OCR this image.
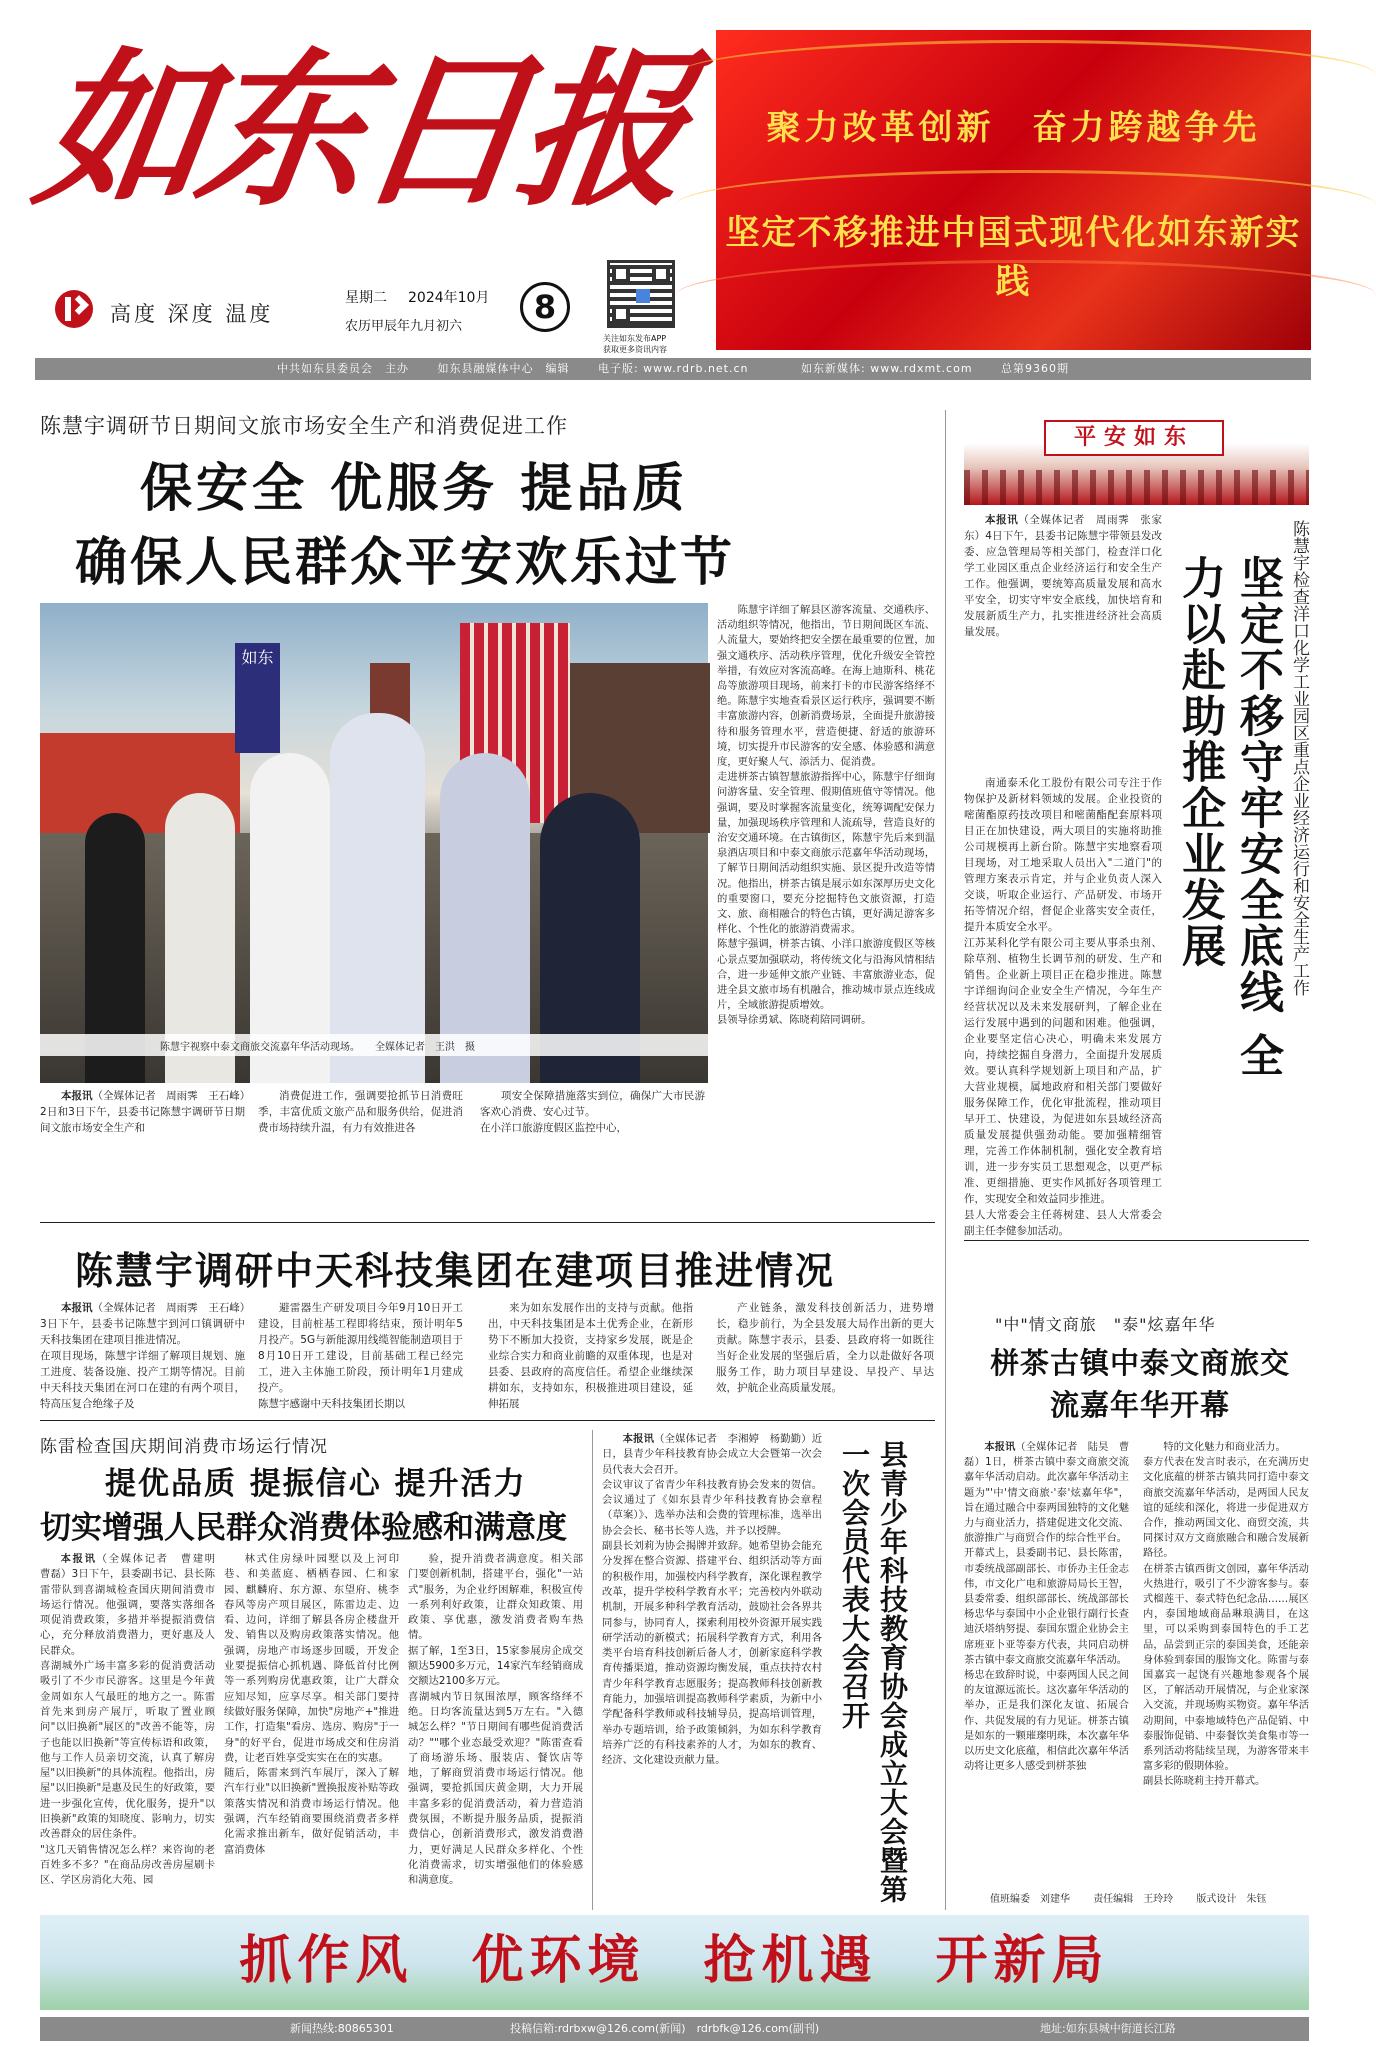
如东日报
高度 深度 温度
星期二 2024年10月
农历甲辰年九月初六
8
关注如东发布APP
获取更多资讯内容
聚力改革创新　奋力跨越争先
坚定不移推进中国式现代化如东新实践
中共如东县委员会　主办　　	如东县融媒体中心　编辑　　	电子版: www.rdrb.net.cn　　　　	如东新媒体: www.rdxmt.com　　	总第9360期
陈慧宇调研节日期间文旅市场安全生产和消费促进工作
保安全 优服务 提品质
确保人民群众平安欢乐过节
如东
陈慧宇视察中泰文商旅交流嘉年华活动现场。　　全媒体记者　王洪　摄

陈慧宇详细了解县区游客流量、交通秩序、活动组织等情况，他指出，节日期间既区车流、人流量大，要始终把安全摆在最重要的位置，加强文通秩序、活动秩序管理，优化升级安全管控举措，有效应对客流高峰。在海上迪斯科、桃花岛等旅游项目现场，前来打卡的市民游客络绎不绝。陈慧宇实地查看景区运行秩序，强调要不断丰富旅游内容，创新消费场景，全面提升旅游接待和服务管理水平，营造便捷、舒适的旅游环境，切实提升市民游客的安全感、体验感和满意度，更好聚人气、添活力、促消费。
走进栟茶古镇智慧旅游指挥中心，陈慧宇仔细询问游客量、安全管理、假期值班值守等情况。他强调，要及时掌握客流量变化，统筹调配安保力量，加强现场秩序管理和人流疏导，营造良好的治安交通环境。在古镇街区，陈慧宇先后来到温泉酒店项目和中泰文商旅示范嘉年华活动现场，了解节日期间活动组织实施、景区提升改造等情况。他指出，栟茶古镇是展示如东深厚历史文化的重要窗口，要充分挖掘特色文旅资源，打造文、旅、商相融合的特色古镇，更好满足游客多样化、个性化的旅游消费需求。
陈慧宇强调，栟茶古镇、小洋口旅游度假区等核心景点要加强联动，将传统文化与沿海风情相结合，进一步延伸文旅产业链、丰富旅游业态，促进全县文旅市场有机融合，推动城市景点连线成片，全域旅游提质增效。
县领导徐勇斌、陈晓莉陪同调研。

本报讯（全媒体记者　周雨霁　王石峰）2日和3日下午，县委书记陈慧宇调研节日期间文旅市场安全生产和

消费促进工作，强调要抢抓节日消费旺季，丰富优质文旅产品和服务供给，促进消费市场持续升温，有力有效推进各

项安全保障措施落实到位，确保广大市民游客欢心消费、安心过节。
在小洋口旅游度假区监控中心，

平安如东
陈慧宇检查洋口化学工业园区重点企业经济运行和安全生产工作
坚定不移守牢安全底线 全力以赴助推企业发展

本报讯（全媒体记者　周雨霁　张家东）4日下午，县委书记陈慧宇带领县发改委、应急管理局等相关部门，检查洋口化学工业园区重点企业经济运行和安全生产工作。他强调，要统筹高质量发展和高水平安全，切实守牢安全底线，加快培育和发展新质生产力，扎实推进经济社会高质量发展。

南通泰禾化工股份有限公司专注于作物保护及新材料领域的发展。企业投资的嘧菌酯原药技改项目和嘧菌酯配套原料项目正在加快建设，两大项目的实施将助推公司规模再上新台阶。陈慧宇实地察看项目现场，对工地采取人员出入"二道门"的管理方案表示肯定，并与企业负责人深入交谈，听取企业运行、产品研发、市场开拓等情况介绍，督促企业落实安全责任，提升本质安全水平。
江苏某科化学有限公司主要从事杀虫剂、除草剂、植物生长调节剂的研发、生产和销售。企业新上项目正在稳步推进。陈慧宇详细询问企业安全生产情况，今年生产经营状况以及未来发展研判，了解企业在运行发展中遇到的问题和困难。他强调，企业要坚定信心决心，明确未来发展方向，持续挖掘自身潜力，全面提升发展质效。要认真科学规划新上项目和产品，扩大营业规模，属地政府和相关部门要做好服务保障工作，优化审批流程，推动项目早开工、快建设，为促进如东县域经济高质量发展提供强劲动能。要加强精细管理，完善工作体制机制，强化安全教育培训，进一步夯实员工思想观念，以更严标准、更细措施、更实作风抓好各项管理工作，实现安全和效益同步推进。
县人大常委会主任蒋树建、县人大常委会副主任李健参加活动。

陈慧宇调研中天科技集团在建项目推进情况

本报讯（全媒体记者　周雨霁　王石峰）3日下午，县委书记陈慧宇到河口镇调研中天科技集团在建项目推进情况。
在项目现场，陈慧宇详细了解项目规划、施工进度、装备设施、投产工期等情况。目前中天科技天集团在河口在建的有两个项目，特高压复合绝缘子及

避雷器生产研发项目今年9月10日开工建设，目前桩基工程即将结束，预计明年5月投产。5G与新能源用线缆智能制造项目于8月10日开工建设，目前基础工程已经完工，进入主体施工阶段，预计明年1月建成投产。
陈慧宇感谢中天科技集团长期以

来为如东发展作出的支持与贡献。他指出，中天科技集团是本土优秀企业，在新形势下不断加大投资，支持家乡发展，既是企业综合实力和商业前瞻的双重体现，也是对县委、县政府的高度信任。希望企业继续深耕如东，支持如东，积极推进项目建设，延伸拓展

产业链条，激发科技创新活力，进势增长，稳步前行，为全县发展大局作出新的更大贡献。陈慧宇表示，县委、县政府将一如既往当好企业发展的坚强后盾，全力以赴做好各项服务工作，助力项目早建设、早投产、早达效，护航企业高质量发展。

陈雷检查国庆期间消费市场运行情况
提优品质 提振信心 提升活力
切实增强人民群众消费体验感和满意度

本报讯（全媒体记者　曹建明　曹磊）3日下午，县委副书记、县长陈雷带队到喜湖城检查国庆期间消费市场运行情况。他强调，要落实落细各项促消费政策，多措并举提振消费信心，充分释放消费潜力，更好惠及人民群众。
喜湖城外广场丰富多彩的促消费活动吸引了不少市民游客。这里是今年黄金周如东人气最旺的地方之一。陈雷首先来到房产展厅，听取了置业顾问"以旧换新"展区的"改善不能等，房子也能以旧换新"等宣传标语和政策，他与工作人员亲切交流，认真了解房屋"以旧换新"的具体流程。他指出，房屋"以旧换新"是惠及民生的好政策，要进一步强化宣传，优化服务，提升"以旧换新"政策的知晓度、影响力，切实改善群众的居住条件。
"这几天销售情况怎么样？来咨询的老百姓多不多？"在商品房改善房屋刷卡区、学区房消化大苑、园

林式住房绿叶园墅以及上河印巷、和美蓝庭、栖栖春园、仁和家园、麒麟府、东方源、东望府、桃李春风等房产项目展区，陈雷边走、边看、边问，详细了解县各房企楼盘开发、销售以及购房政策落实情况。他强调，房地产市场逐步回暖，开发企业要提振信心抓机遇、降低首付比例等一系列购房优惠政策，让广大群众应知尽知，应享尽享。相关部门要持续做好服务保障，加快"房地产+"推进工作，打造集"看房、选房、购房"于一身"的好平台，促进市场成交和住房消费，让老百姓享受实实在在的实惠。
随后，陈雷来到汽车展厅，深入了解汽车行业"以旧换新"置换报废补贴等政策落实情况和消费市场运行情况。他强调，汽车经销商要围绕消费者多样化需求推出新车，做好促销活动，丰富消费体

验，提升消费者满意度。相关部门要创新机制，搭建平台，强化"一站式"服务，为企业纾困解难，积极宣传一系列利好政策，让群众知政策、用政策、享优惠，激发消费者购车热情。
据了解，1至3日，15家参展房企成交额达5900多万元，14家汽车经销商成交额达2100多万元。
喜湖城内节日氛围浓厚，顾客络绎不绝。日均客流量达到5万左右。"入德城怎么样？"节日期间有哪些促消费活动？""哪个业态最受欢迎？"陈雷查看了商场游乐场、服装店、餐饮店等地，了解商贸消费市场运行情况。他强调，要抢抓国庆黄金期，大力开展丰富多彩的促消费活动，着力营造消费氛围，不断提升服务品质，提振消费信心，创新消费形式，激发消费潜力，更好满足人民群众多样化、个性化消费需求，切实增强他们的体验感和满意度。

本报讯（全媒体记者　李湘婷　杨勤勤）近日，县青少年科技教育协会成立大会暨第一次会员代表大会召开。
会议审议了省青少年科技教育协会发来的贺信。会议通过了《如东县青少年科技教育协会章程（草案）》、选举办法和会费的管理标准，选举出协会会长、秘书长等人选，并予以授牌。
副县长刘莉为协会揭牌并致辞。她希望协会能充分发挥在整合资源、搭建平台、组织活动等方面的积极作用，加强校内科学教育，深化课程教学改革，提升学校科学教育水平；完善校内外联动机制，开展多种科学教育活动，鼓励社会各界共同参与，协同育人，探索利用校外资源开展实践研学活动的新模式；拓展科学教育方式，利用各类平台培育科技创新后备人才，创新家庭科学教育传播渠道，推动资源均衡发展，重点扶持农村青少年科学教育志愿服务；提高教师科技创新教育能力，加强培训提高教师科学素质，为新中小学配备科学教师或科技辅导员，提高培训管理，举办专题培训，给予政策倾斜，为如东科学教育培养广泛的有科技素养的人才，为如东的教育、经济、文化建设贡献力量。	县青少年科技教育协会成立大会暨第一次会员代表大会召开
"中"情文商旅　"泰"炫嘉年华
栟茶古镇中泰文商旅交流嘉年华开幕

本报讯（全媒体记者　陆昊　曹磊）1日，栟茶古镇中泰文商旅交流嘉年华活动启动。此次嘉年华活动主题为"'中'情文商旅·'泰'炫嘉年华"，旨在通过融合中泰两国独特的文化魅力与商业活力，搭建促进文化交流、旅游推广与商贸合作的综合性平台。
开幕式上，县委副书记、县长陈雷，市委统战部副部长、市侨办主任金志伟，市文化广电和旅游局局长王智，县委常委、组织部部长、统战部部长杨忠华与泰国中小企业银行副行长查迪沃塔纳努提、泰国东盟企业协会主席班亚卜亚等泰方代表，共同启动栟茶古镇中泰文商旅交流嘉年华活动。
杨忠在致辞时说，中泰两国人民之间的友谊源远流长。这次嘉年华活动的举办，正是我们深化友谊、拓展合作、共促发展的有力见证。栟茶古镇是如东的一颗璀璨明珠，本次嘉年华以历史文化底蕴，相信此次嘉年华活动将让更多人感受到栟茶独

特的文化魅力和商业活力。
泰方代表在发言时表示，在充满历史文化底蕴的栟茶古镇共同打造中泰文商旅交流嘉年华活动，是两国人民友谊的延续和深化，将进一步促进双方合作，推动两国文化、商贸交流，共同探讨双方文商旅融合和融合发展新路径。
在栟茶古镇西街文创园，嘉年华活动火热进行，吸引了不少游客参与。泰式榴莲干、泰式特色纪念品……展区内，泰国地域商品琳琅满目，在这里，可以采购到泰国特色的手工艺品，品尝到正宗的泰国美食，还能亲身体验到泰国的服饰文化。陈雷与泰国嘉宾一起饶有兴趣地参观各个展区，了解活动开展情况，与企业家深入交流，并现场购买物资。嘉年华活动期间，中泰地域特色产品促销、中泰服饰促销、中泰餐饮美食集市等一系列活动将陆续呈现，为游客带来丰富多彩的假期体验。
副县长陈晓莉主持开幕式。

值班编委　刘建华　　 责任编辑　王玲玲　　 版式设计　朱钰
抓作风　优环境　抢机遇　开新局
新闻热线:80865301	投稿信箱:rdrbxw@126.com(新闻)　rdrbfk@126.com(副刊)	地址:如东县城中街道长江路
